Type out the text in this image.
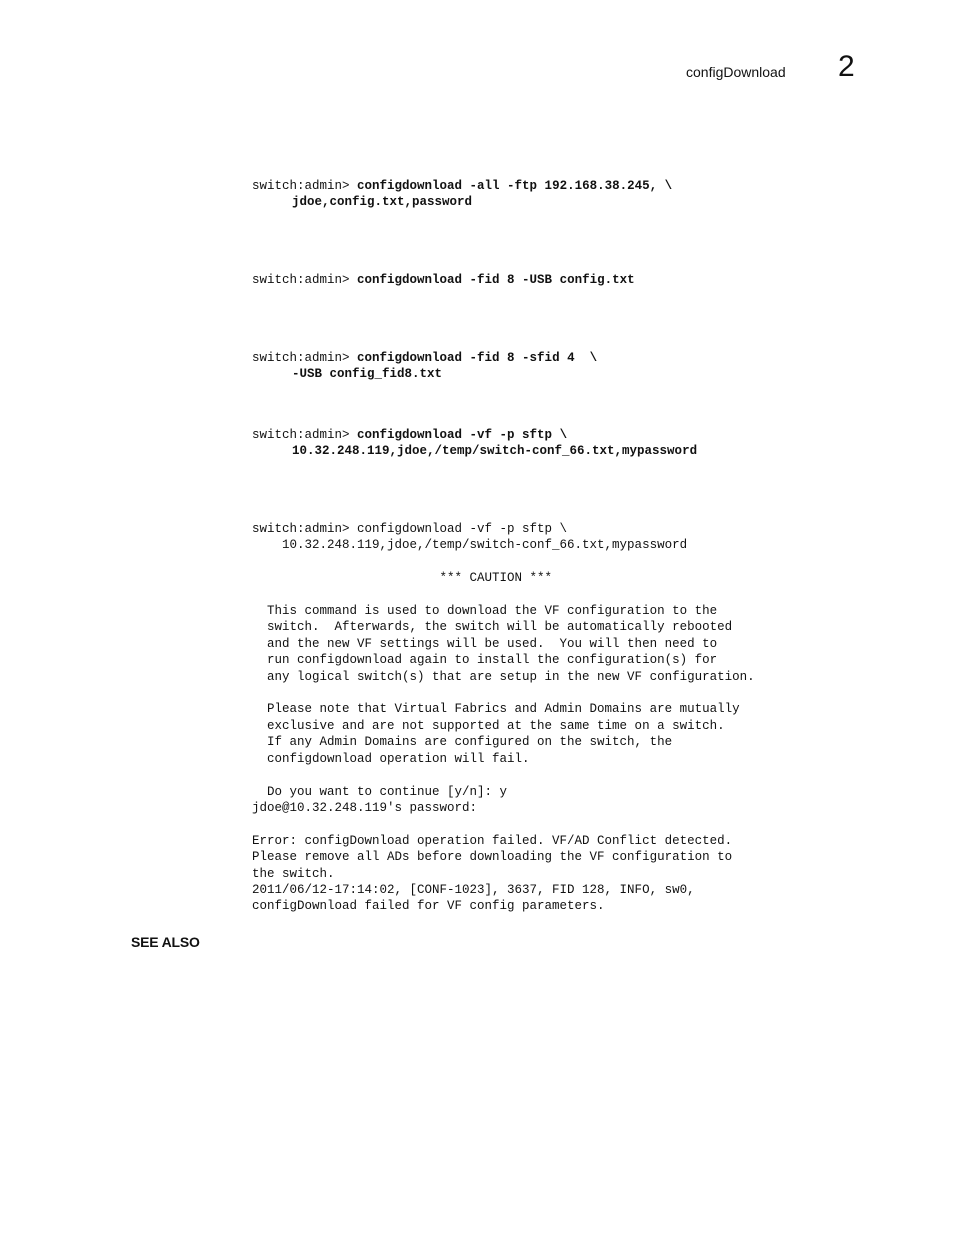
configDownload 2
switch:admin> configdownload -all -ftp 192.168.38.245, \
jdoe,config.txt,password
switch:admin> configdownload -fid 8 -USB config.txt
switch:admin> configdownload -fid 8 -sfid 4  \
-USB config_fid8.txt
switch:admin> configdownload -vf -p sftp \
10.32.248.119,jdoe,/temp/switch-conf_66.txt,mypassword
switch:admin> configdownload -vf -p sftp \
10.32.248.119,jdoe,/temp/switch-conf_66.txt,mypassword

*** CAUTION ***

This command is used to download the VF configuration to the
switch.  Afterwards, the switch will be automatically rebooted
and the new VF settings will be used.  You will then need to
run configdownload again to install the configuration(s) for
any logical switch(s) that are setup in the new VF configuration.

Please note that Virtual Fabrics and Admin Domains are mutually
exclusive and are not supported at the same time on a switch.
If any Admin Domains are configured on the switch, the
configdownload operation will fail.

Do you want to continue [y/n]: y
jdoe@10.32.248.119's password:

Error: configDownload operation failed. VF/AD Conflict detected.
Please remove all ADs before downloading the VF configuration to
the switch.
2011/06/12-17:14:02, [CONF-1023], 3637, FID 128, INFO, sw0,
configDownload failed for VF config parameters.
SEE ALSO
